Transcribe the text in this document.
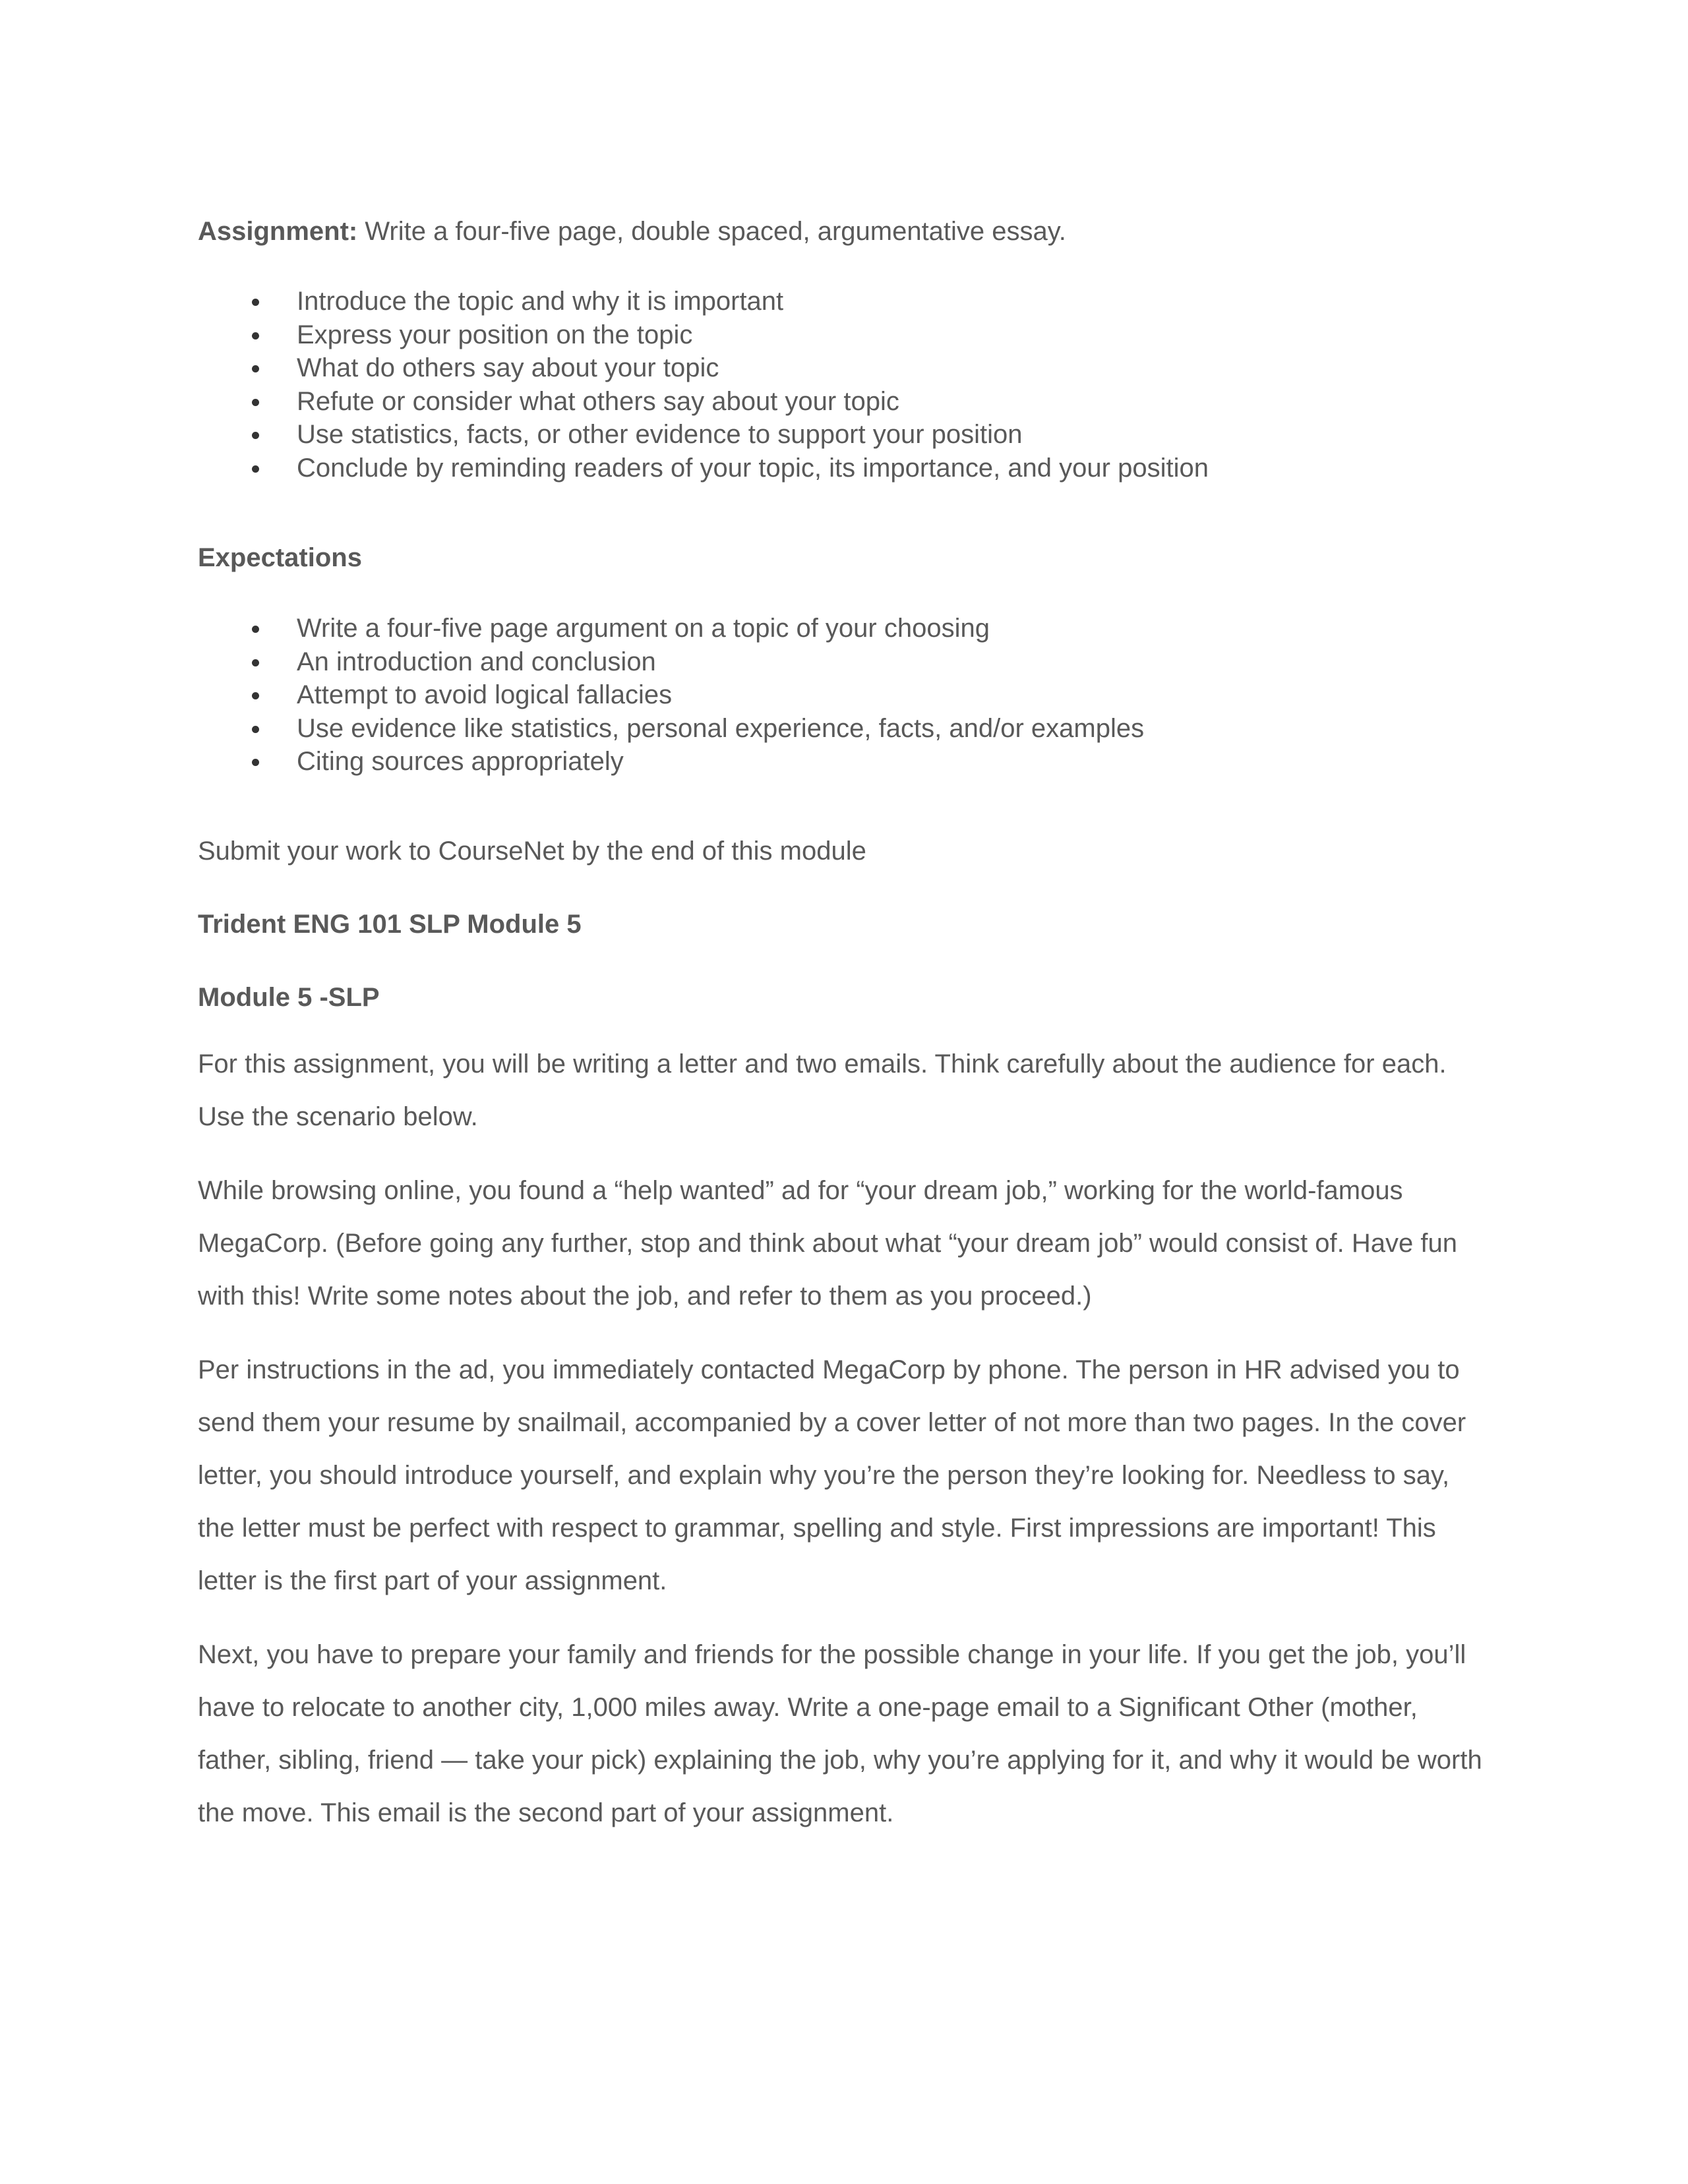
Assignment: Write a four-five page, double spaced, argumentative essay.

Introduce the topic and why it is important
Express your position on the topic
What do others say about your topic
Refute or consider what others say about your topic
Use statistics, facts, or other evidence to support your position
Conclude by reminding readers of your topic, its importance, and your position

Expectations

Write a four-five page argument on a topic of your choosing
An introduction and conclusion
Attempt to avoid logical fallacies
Use evidence like statistics, personal experience, facts, and/or examples
Citing sources appropriately

Submit your work to CourseNet by the end of this module

Trident ENG 101 SLP Module 5

Module 5 -SLP

For this assignment, you will be writing a letter and two emails. Think carefully about the audience for each. Use the scenario below.

While browsing online, you found a “help wanted” ad for “your dream job,” working for the world-famous MegaCorp. (Before going any further, stop and think about what “your dream job” would consist of. Have fun with this! Write some notes about the job, and refer to them as you proceed.)

Per instructions in the ad, you immediately contacted MegaCorp by phone. The person in HR advised you to send them your resume by snailmail, accompanied by a cover letter of not more than two pages. In the cover letter, you should introduce yourself, and explain why you’re the person they’re looking for. Needless to say, the letter must be perfect with respect to grammar, spelling and style. First impressions are important! This letter is the first part of your assignment.

Next, you have to prepare your family and friends for the possible change in your life. If you get the job, you’ll have to relocate to another city, 1,000 miles away. Write a one-page email to a Significant Other (mother, father, sibling, friend — take your pick) explaining the job, why you’re applying for it, and why it would be worth the move. This email is the second part of your assignment.
